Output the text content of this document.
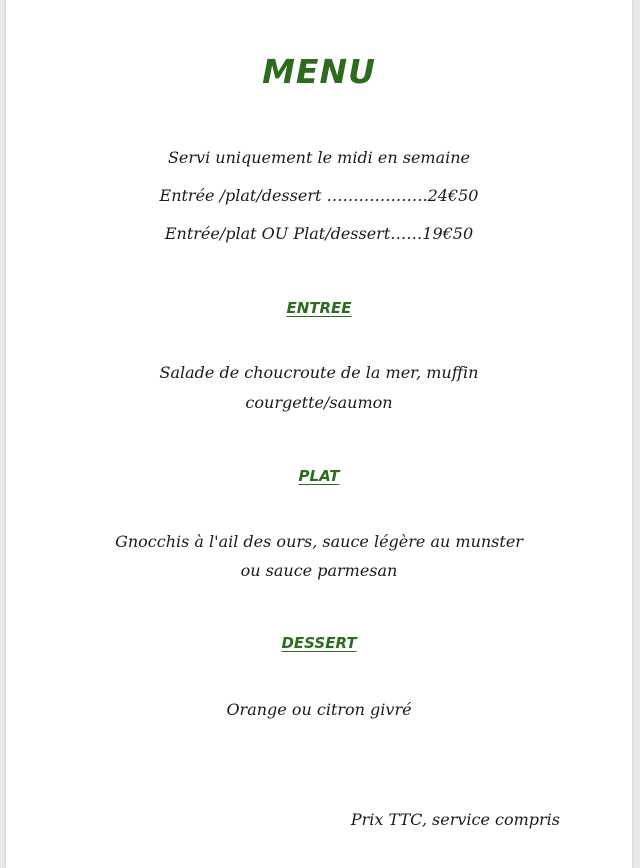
MENU
Servi uniquement le midi en semaine
Entrée /plat/dessert ……………….24€50
Entrée/plat OU Plat/dessert……19€50
ENTREE
Salade de choucroute de la mer, muffin
courgette/saumon
PLAT
Gnocchis à l'ail des ours, sauce légère au munster
ou sauce parmesan
DESSERT
Orange ou citron givré
Prix TTC, service compris
